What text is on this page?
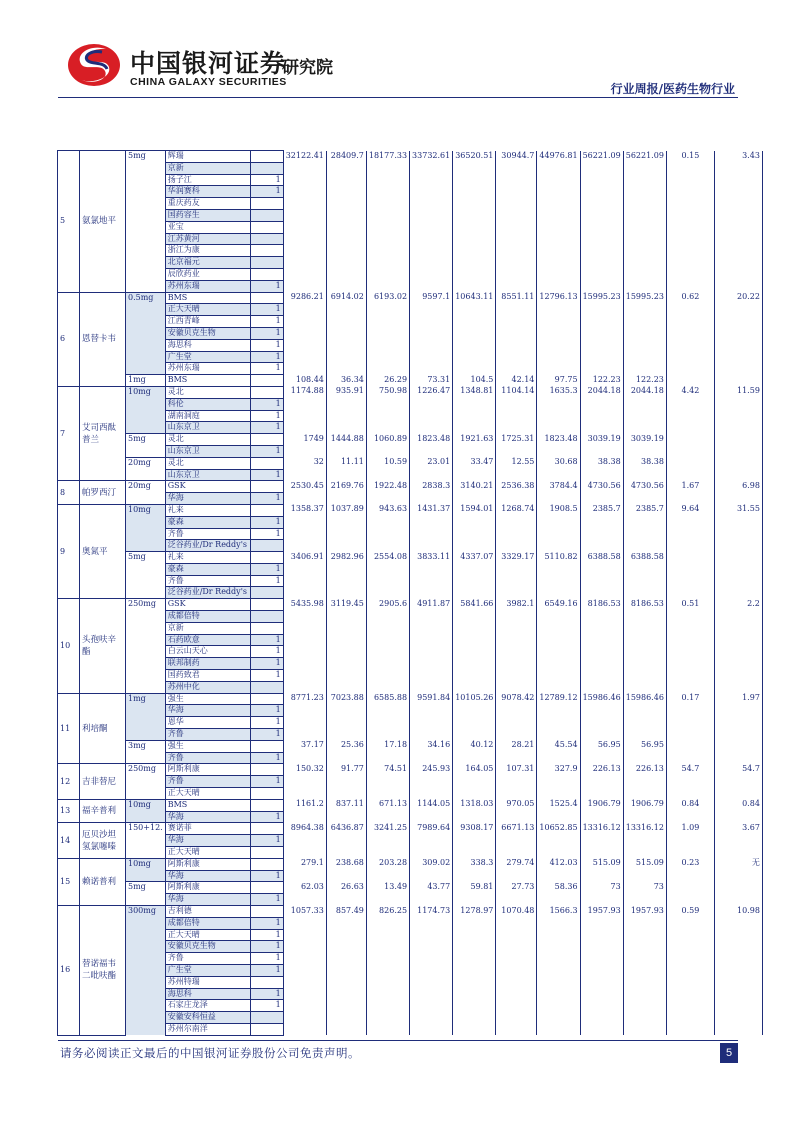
中国银河证券
CHINA GALAXY SECURITIES
研究院
行业周报/医药生物行业
5	氨氯地平	5mg	辉瑞		32122.41	28409.7	18177.33	33732.61	36520.51	30944.7	44976.81	56221.09	56221.09	0.15	3.43
			京新												
			扬子江	1											
			华润赛科	1											
			重庆药友												
			国药容生												
			亚宝												
			江苏黄河												
			浙江为康												
			北京福元												
			辰欣药业												
			苏州东瑞	1											
6	恩替卡韦	0.5mg	BMS		9286.21	6914.02	6193.02	9597.1	10643.11	8551.11	12796.13	15995.23	15995.23	0.62	20.22
			正大天晴	1											
			江西青峰	1											
			安徽贝克生物	1											
			海思科	1											
			广生堂	1											
			苏州东瑞	1											
		1mg	BMS		108.44	36.34	26.29	73.31	104.5	42.14	97.75	122.23	122.23		
7	艾司西酞普兰	10mg	灵北		1174.88	935.91	750.98	1226.47	1348.81	1104.14	1635.3	2044.18	2044.18	4.42	11.59
			科伦	1											
			湖南洞庭	1											
			山东京卫	1											
		5mg	灵北		1749	1444.88	1060.89	1823.48	1921.63	1725.31	1823.48	3039.19	3039.19		
			山东京卫	1											
		20mg	灵北		32	11.11	10.59	23.01	33.47	12.55	30.68	38.38	38.38		
			山东京卫	1											
8	帕罗西汀	20mg	GSK		2530.45	2169.76	1922.48	2838.3	3140.21	2536.38	3784.4	4730.56	4730.56	1.67	6.98
			华海	1											
9	奥氮平	10mg	礼来		1358.37	1037.89	943.63	1431.37	1594.01	1268.74	1908.5	2385.7	2385.7	9.64	31.55
			豪森	1											
			齐鲁	1											
			泛谷药业/Dr Reddy's												
		5mg	礼来		3406.91	2982.96	2554.08	3833.11	4337.07	3329.17	5110.82	6388.58	6388.58		
			豪森	1											
			齐鲁	1											
			泛谷药业/Dr Reddy's												
10	头孢呋辛酯	250mg	GSK		5435.98	3119.45	2905.6	4911.87	5841.66	3982.1	6549.16	8186.53	8186.53	0.51	2.2
			成都倍特												
			京新												
			石药欧意	1											
			白云山天心	1											
			联邦制药	1											
			国药致君	1											
			苏州中化												
11	利培酮	1mg	强生		8771.23	7023.88	6585.88	9591.84	10105.26	9078.42	12789.12	15986.46	15986.46	0.17	1.97
			华海	1											
			恩华	1											
			齐鲁	1											
		3mg	强生		37.17	25.36	17.18	34.16	40.12	28.21	45.54	56.95	56.95		
			齐鲁	1											
12	吉非替尼	250mg	阿斯利康		150.32	91.77	74.51	245.93	164.05	107.31	327.9	226.13	226.13	54.7	54.7
			齐鲁	1											
			正大天晴												
13	福辛普利	10mg	BMS		1161.2	837.11	671.13	1144.05	1318.03	970.05	1525.4	1906.79	1906.79	0.84	0.84
			华海	1											
14	厄贝沙坦氢氯噻嗪	150+12.	赛诺菲		8964.38	6436.87	3241.25	7989.64	9308.17	6671.13	10652.85	13316.12	13316.12	1.09	3.67
			华海	1											
			正大天晴												
15	赖诺普利	10mg	阿斯利康		279.1	238.68	203.28	309.02	338.3	279.74	412.03	515.09	515.09	0.23	无
			华海	1											
		5mg	阿斯利康		62.03	26.63	13.49	43.77	59.81	27.73	58.36	73	73		
			华海	1											
16	替诺福韦二吡呋酯	300mg	吉利德		1057.33	857.49	826.25	1174.73	1278.97	1070.48	1566.3	1957.93	1957.93	0.59	10.98
			成都倍特	1											
			正大天晴	1											
			安徽贝克生物	1											
			齐鲁	1											
			广生堂	1											
			苏州特瑞												
			海思科	1											
			石家庄龙泽	1											
			安徽安科恒益												
			苏州尔南洋												
请务必阅读正文最后的中国银河证券股份公司免责声明。	5
